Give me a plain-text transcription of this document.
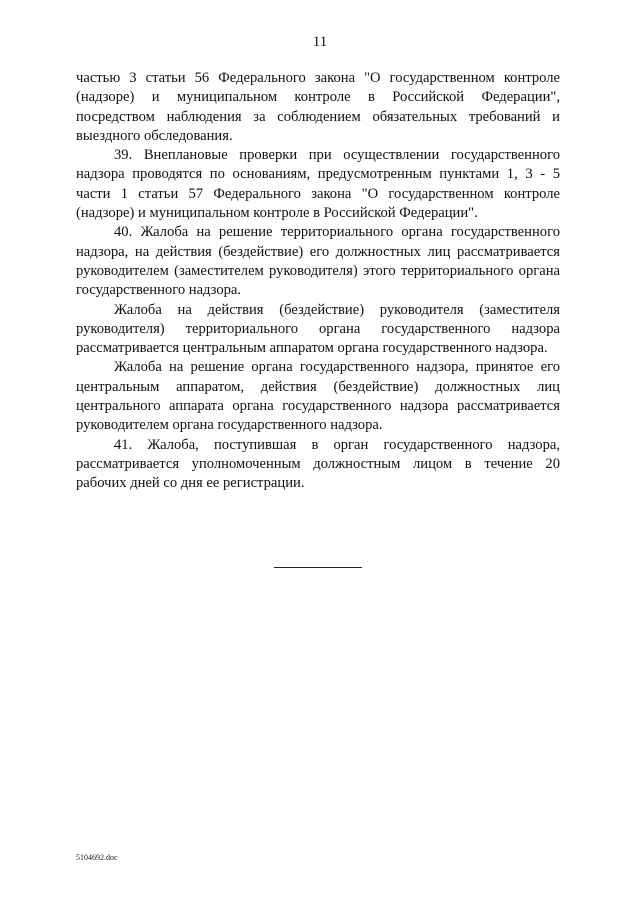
11

частью 3 статьи 56 Федерального закона "О государственном контроле (надзоре) и муниципальном контроле в Российской Федерации", посредством наблюдения за соблюдением обязательных требований и выездного обследования.

39. Внеплановые проверки при осуществлении государственного надзора проводятся по основаниям, предусмотренным пунктами 1, 3 - 5 части 1 статьи 57 Федерального закона "О государственном контроле (надзоре) и муниципальном контроле в Российской Федерации".

40. Жалоба на решение территориального органа государственного надзора, на действия (бездействие) его должностных лиц рассматривается руководителем (заместителем руководителя) этого территориального органа государственного надзора.

Жалоба на действия (бездействие) руководителя (заместителя руководителя) территориального органа государственного надзора рассматривается центральным аппаратом органа государственного надзора.

Жалоба на решение органа государственного надзора, принятое его центральным аппаратом, действия (бездействие) должностных лиц центрального аппарата органа государственного надзора рассматривается руководителем органа государственного надзора.

41. Жалоба, поступившая в орган государственного надзора, рассматривается уполномоченным должностным лицом в течение 20 рабочих дней со дня ее регистрации.

5104692.doc
